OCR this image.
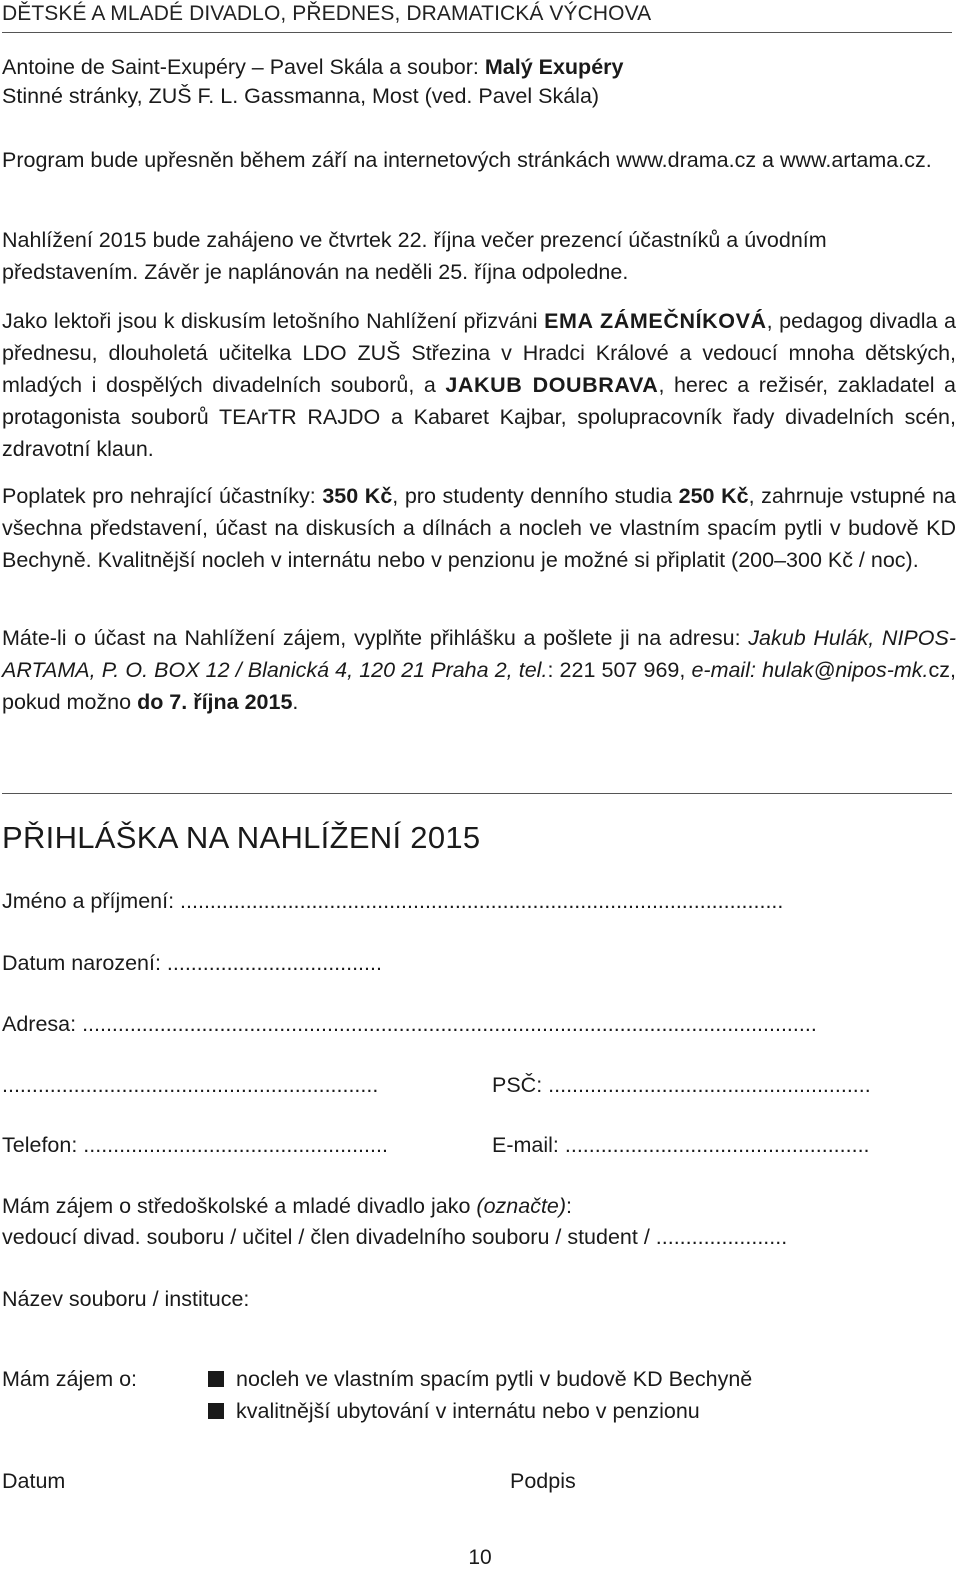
DĚTSKÉ A MLADÉ DIVADLO, PŘEDNES, DRAMATICKÁ VÝCHOVA

Antoine de Saint-Exupéry – Pavel Skála a soubor: Malý Exupéry
Stinné stránky, ZUŠ F. L. Gassmanna, Most (ved. Pavel Skála)

Program bude upřesněn během září na internetových stránkách www.drama.cz a www.artama.cz.

Nahlížení 2015 bude zahájeno ve čtvrtek 22. října večer prezencí účastníků a úvodním představením. Závěr je naplánován na neděli 25. října odpoledne.

Jako lektoři jsou k diskusím letošního Nahlížení přizváni EMA ZÁMEČNÍKOVÁ, pedagog divadla a přednesu, dlouholetá učitelka LDO ZUŠ Střezina v Hradci Králové a vedoucí mnoha dětských, mladých i dospělých divadelních souborů, a JAKUB DOUBRAVA, herec a režisér, zakladatel a protagonista souborů TEArTR RAJDO a Kabaret Kajbar, spolupracovník řady divadelních scén, zdravotní klaun.

Poplatek pro nehrající účastníky: 350 Kč, pro studenty denního studia 250 Kč, zahrnuje vstupné na všechna představení, účast na diskusích a dílnách a nocleh ve vlastním spacím pytli v budově KD Bechyně. Kvalitnější nocleh v internátu nebo v penzionu je možné si připlatit (200–300 Kč / noc).

Máte-li o účast na Nahlížení zájem, vyplňte přihlášku a pošlete ji na adresu: Jakub Hulák, NIPOS-ARTAMA, P. O. BOX 12 / Blanická 4, 120 21 Praha 2, tel.: 221 507 969, e-mail: hulak@nipos-mk.cz, pokud možno do 7. října 2015.

PŘIHLÁŠKA NA NAHLÍŽENÍ 2015
Jméno a příjmení: .....................................................................................................
Datum narození: ....................................
Adresa: ...........................................................................................................................
...............................................................	PSČ: ......................................................
Telefon: ...................................................	E-mail: ...................................................
Mám zájem o středoškolské a mladé divadlo jako (označte):
vedoucí divad. souboru / učitel / člen divadelního souboru / student / ......................
Název souboru / instituce:
Mám zájem o:	nocleh ve vlastním spacím pytli v budově KD Bechyně
kvalitnější ubytování v internátu nebo v penzionu
Datum	Podpis
10
